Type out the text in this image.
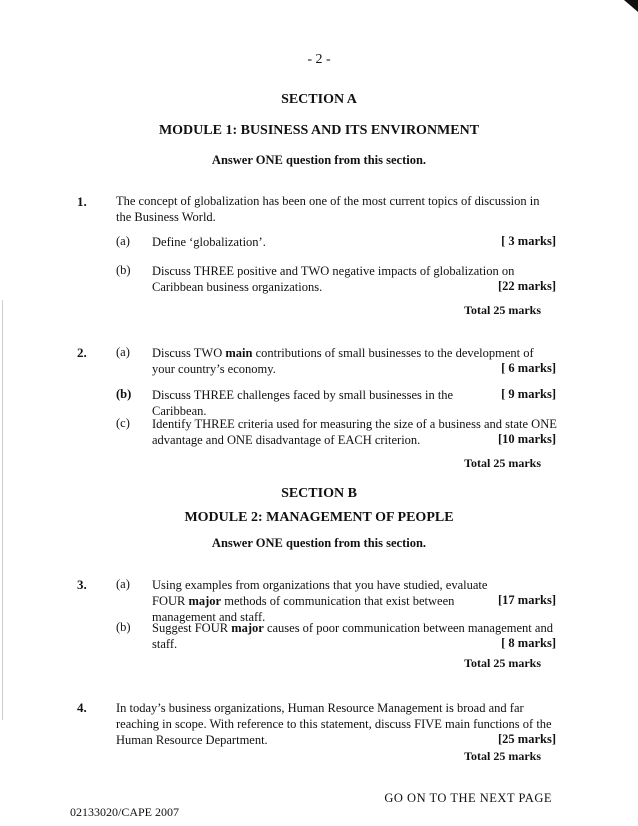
- 2 -
SECTION A
MODULE 1: BUSINESS AND ITS ENVIRONMENT
Answer ONE question from this section.
1. The concept of globalization has been one of the most current topics of discussion in the Business World.
(a) Define ‘globalization’.	[ 3 marks]
(b) Discuss THREE positive and TWO negative impacts of globalization on Caribbean business organizations.	[22 marks]
Total 25 marks
2. (a) Discuss TWO main contributions of small businesses to the development of your country’s economy.	[ 6 marks]
(b) Discuss THREE challenges faced by small businesses in the Caribbean.
[ 9 marks]
(c) Identify THREE criteria used for measuring the size of a business and state ONE advantage and ONE disadvantage of EACH criterion.	[10 marks]
Total 25 marks
SECTION B
MODULE 2: MANAGEMENT OF PEOPLE
Answer ONE question from this section.
3. (a) Using examples from organizations that you have studied, evaluate FOUR major methods of communication that exist between management and staff.
[17 marks]
(b) Suggest FOUR major causes of poor communication between management and staff.	[ 8 marks]
Total 25 marks
4. In today’s business organizations, Human Resource Management is broad and far reaching in scope. With reference to this statement, discuss FIVE main functions of the Human Resource Department.	[25 marks]
Total 25 marks
GO ON TO THE NEXT PAGE
02133020/CAPE 2007
